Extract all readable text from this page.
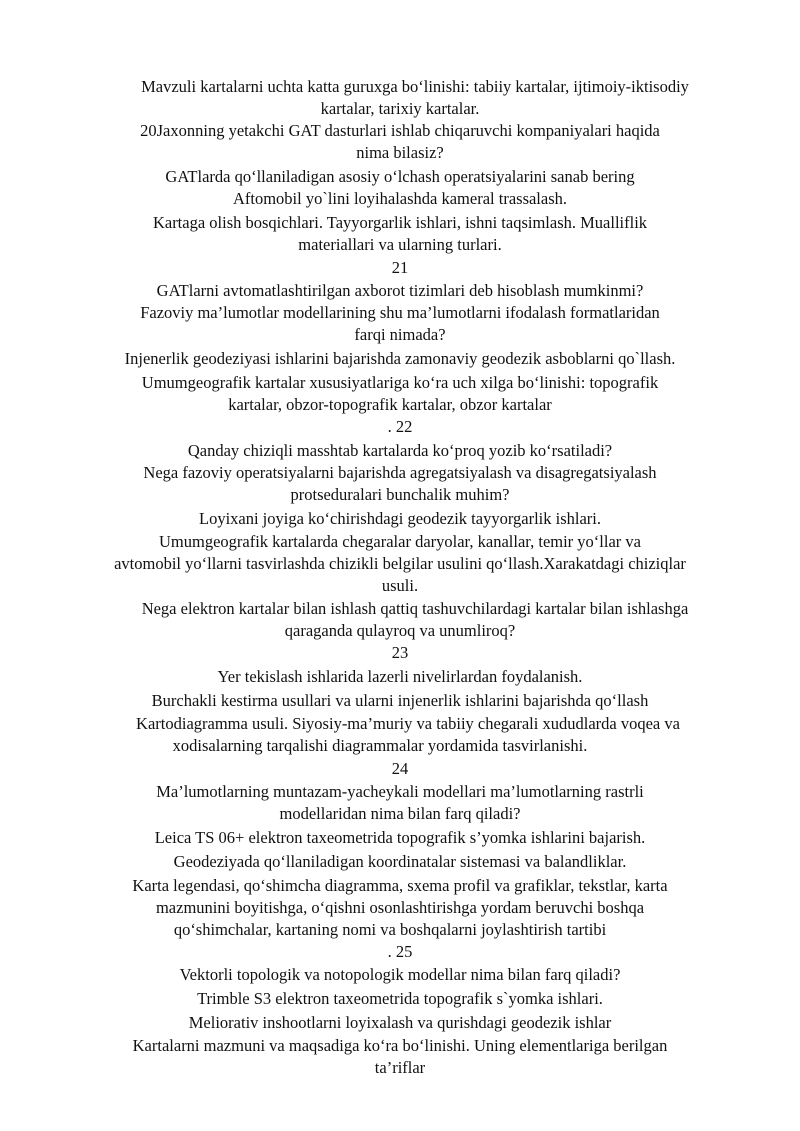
Mavzuli kartalarni uchta katta guruxga boʻlinishi: tabiiy kartalar, ijtimoiy-iktisodiy
kartalar, tarixiy kartalar.
20Jaxonning yetakchi GAT dasturlari ishlab chiqaruvchi kompaniyalari haqida
nima bilasiz?
GATlarda qoʻllaniladigan asosiy oʻlchash operatsiyalarini sanab bering
Aftomobil yo`lini loyihalashda kameral trassalash.
Kartaga olish bosqichlari. Tayyorgarlik ishlari, ishni taqsimlash. Mualliflik
materiallari va ularning turlari.
21
GATlarni avtomatlashtirilgan axborot tizimlari deb hisoblash mumkinmi?
Fazoviy ma’lumotlar modellarining shu ma’lumotlarni ifodalash formatlaridan
farqi nimada?
Injenerlik geodeziyasi ishlarini bajarishda zamonaviy geodezik asboblarni qo`llash.
Umumgeografik kartalar xususiyatlariga koʻra uch xilga boʻlinishi: topografik
kartalar, obzor-topografik kartalar, obzor kartalar
. 22
Qanday chiziqli masshtab kartalarda koʻproq yozib koʻrsatiladi?
Nega fazoviy operatsiyalarni bajarishda agregatsiyalash va disagregatsiyalash
protseduralari bunchalik muhim?
Loyixani joyiga koʻchirishdagi geodezik tayyorgarlik ishlari.
Umumgeografik kartalarda chegaralar daryolar, kanallar, temir yoʻllar va
avtomobil yoʻllarni tasvirlashda chizikli belgilar usulini qoʻllash.Xarakatdagi chiziqlar
usuli.
Nega elektron kartalar bilan ishlash qattiq tashuvchilardagi kartalar bilan ishlashga
qaraganda qulayroq va unumliroq?
23
Yer tekislash ishlarida lazerli nivelirlardan foydalanish.
Burchakli kestirma usullari va ularni injenerlik ishlarini bajarishda qoʻllash
Kartodiagramma usuli. Siyosiy-ma’muriy va tabiiy chegarali xududlarda voqea va
xodisalarning tarqalishi diagrammalar yordamida tasvirlanishi.
24
Ma’lumotlarning muntazam-yacheykali modellari ma’lumotlarning rastrli
modellaridan nima bilan farq qiladi?
Leica TS 06+ elektron taxeometrida topografik s’yomka ishlarini bajarish.
Geodeziyada qoʻllaniladigan koordinatalar sistemasi va balandliklar.
Karta legendasi, qoʻshimcha diagramma, sxema profil va grafiklar, tekstlar, karta
mazmunini boyitishga, oʻqishni osonlashtirishga yordam beruvchi boshqa
qoʻshimchalar, kartaning nomi va boshqalarni joylashtirish tartibi
. 25
Vektorli topologik va notopologik modellar nima bilan farq qiladi?
Trimble S3 elektron taxeometrida topografik s`yomka ishlari.
Meliorativ inshootlarni loyixalash va qurishdagi geodezik ishlar
Kartalarni mazmuni va maqsadiga koʻra boʻlinishi. Uning elementlariga berilgan
ta’riflar
